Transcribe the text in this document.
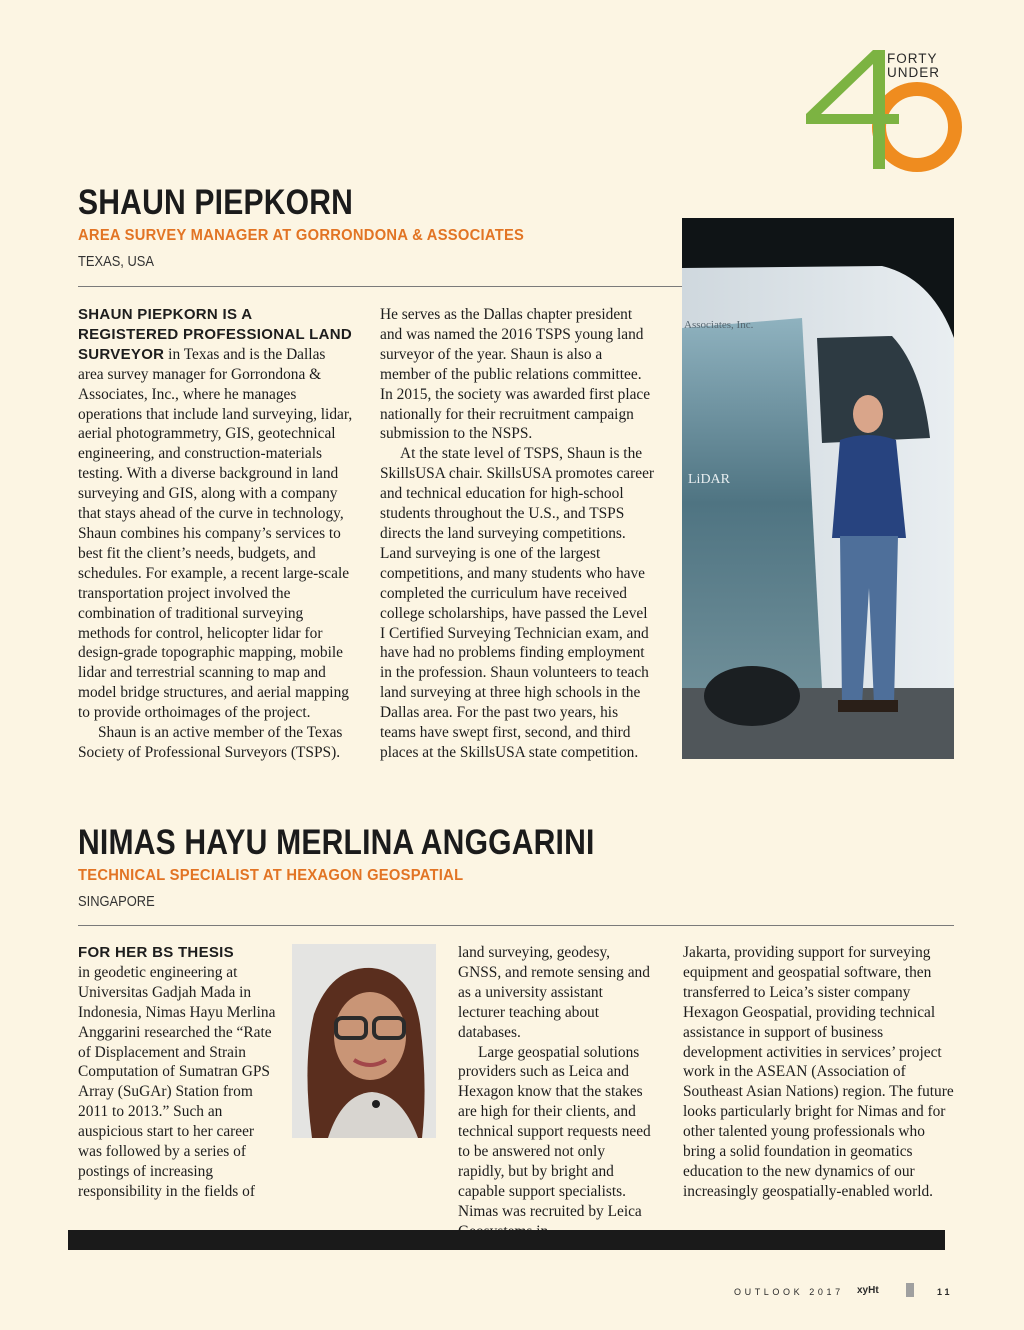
FORTY
UNDER
SHAUN PIEPKORN
AREA SURVEY MANAGER AT GORRONDONA & ASSOCIATES
TEXAS, USA

SHAUN PIEPKORN IS A REGISTERED PROFESSIONAL LAND SURVEYOR in Texas and is the Dallas area survey manager for Gorrondona & Associates, Inc., where he manages operations that include land surveying, lidar, aerial photogrammetry, GIS, geotechnical engineering, and construction-materials testing. With a diverse background in land surveying and GIS, along with a company that stays ahead of the curve in technology, Shaun combines his company’s services to best fit the client’s needs, budgets, and schedules. For example, a recent large-scale transportation project involved the combination of traditional surveying methods for control, helicopter lidar for design-grade topographic mapping, mobile lidar and terrestrial scanning to map and model bridge structures, and aerial mapping to provide orthoimages of the project.

Shaun is an active member of the Texas Society of Professional Surveyors (TSPS).

He serves as the Dallas chapter president and was named the 2016 TSPS young land surveyor of the year. Shaun is also a member of the public relations committee. In 2015, the society was awarded first place nationally for their recruitment campaign submission to the NSPS.

At the state level of TSPS, Shaun is the SkillsUSA chair. SkillsUSA promotes career and technical education for high-school students throughout the U.S., and TSPS directs the land surveying competitions. Land surveying is one of the largest competitions, and many students who have completed the curriculum have received college scholarships, have passed the Level I Certified Surveying Technician exam, and have had no problems finding employment in the profession. Shaun volunteers to teach land surveying at three high schools in the Dallas area. For the past two years, his teams have swept first, second, and third places at the SkillsUSA state competition.

Associates, Inc.
LiDAR
NIMAS HAYU MERLINA ANGGARINI
TECHNICAL SPECIALIST AT HEXAGON GEOSPATIAL
SINGAPORE

FOR HER BS THESIS

in geodetic engineering at Universitas Gadjah Mada in Indonesia, Nimas Hayu Merlina Anggarini researched the “Rate of Displacement and Strain Computation of Sumatran GPS Array (SuGAr) Station from 2011 to 2013.” Such an auspicious start to her career was followed by a series of postings of increasing responsibility in the fields of

land surveying, geodesy, GNSS, and remote sensing and as a university assistant lecturer teaching about databases.

Large geospatial solutions providers such as Leica and Hexagon know that the stakes are high for their clients, and technical support requests need to be answered not only rapidly, but by bright and capable support specialists. Nimas was recruited by Leica

Jakarta, providing support for surveying equipment and geospatial software, then transferred to Leica’s sister company Hexagon Geospatial, providing technical assistance in support of business development activities in services’ project work in the ASEAN (Association of Southeast Asian Nations) region. The future looks particularly bright for Nimas and for other talented young professionals who bring a solid foundation in geomatics education to the new dynamics of our increasingly geospatially-enabled world.

OUTLOOK 2017 xyHt	11
